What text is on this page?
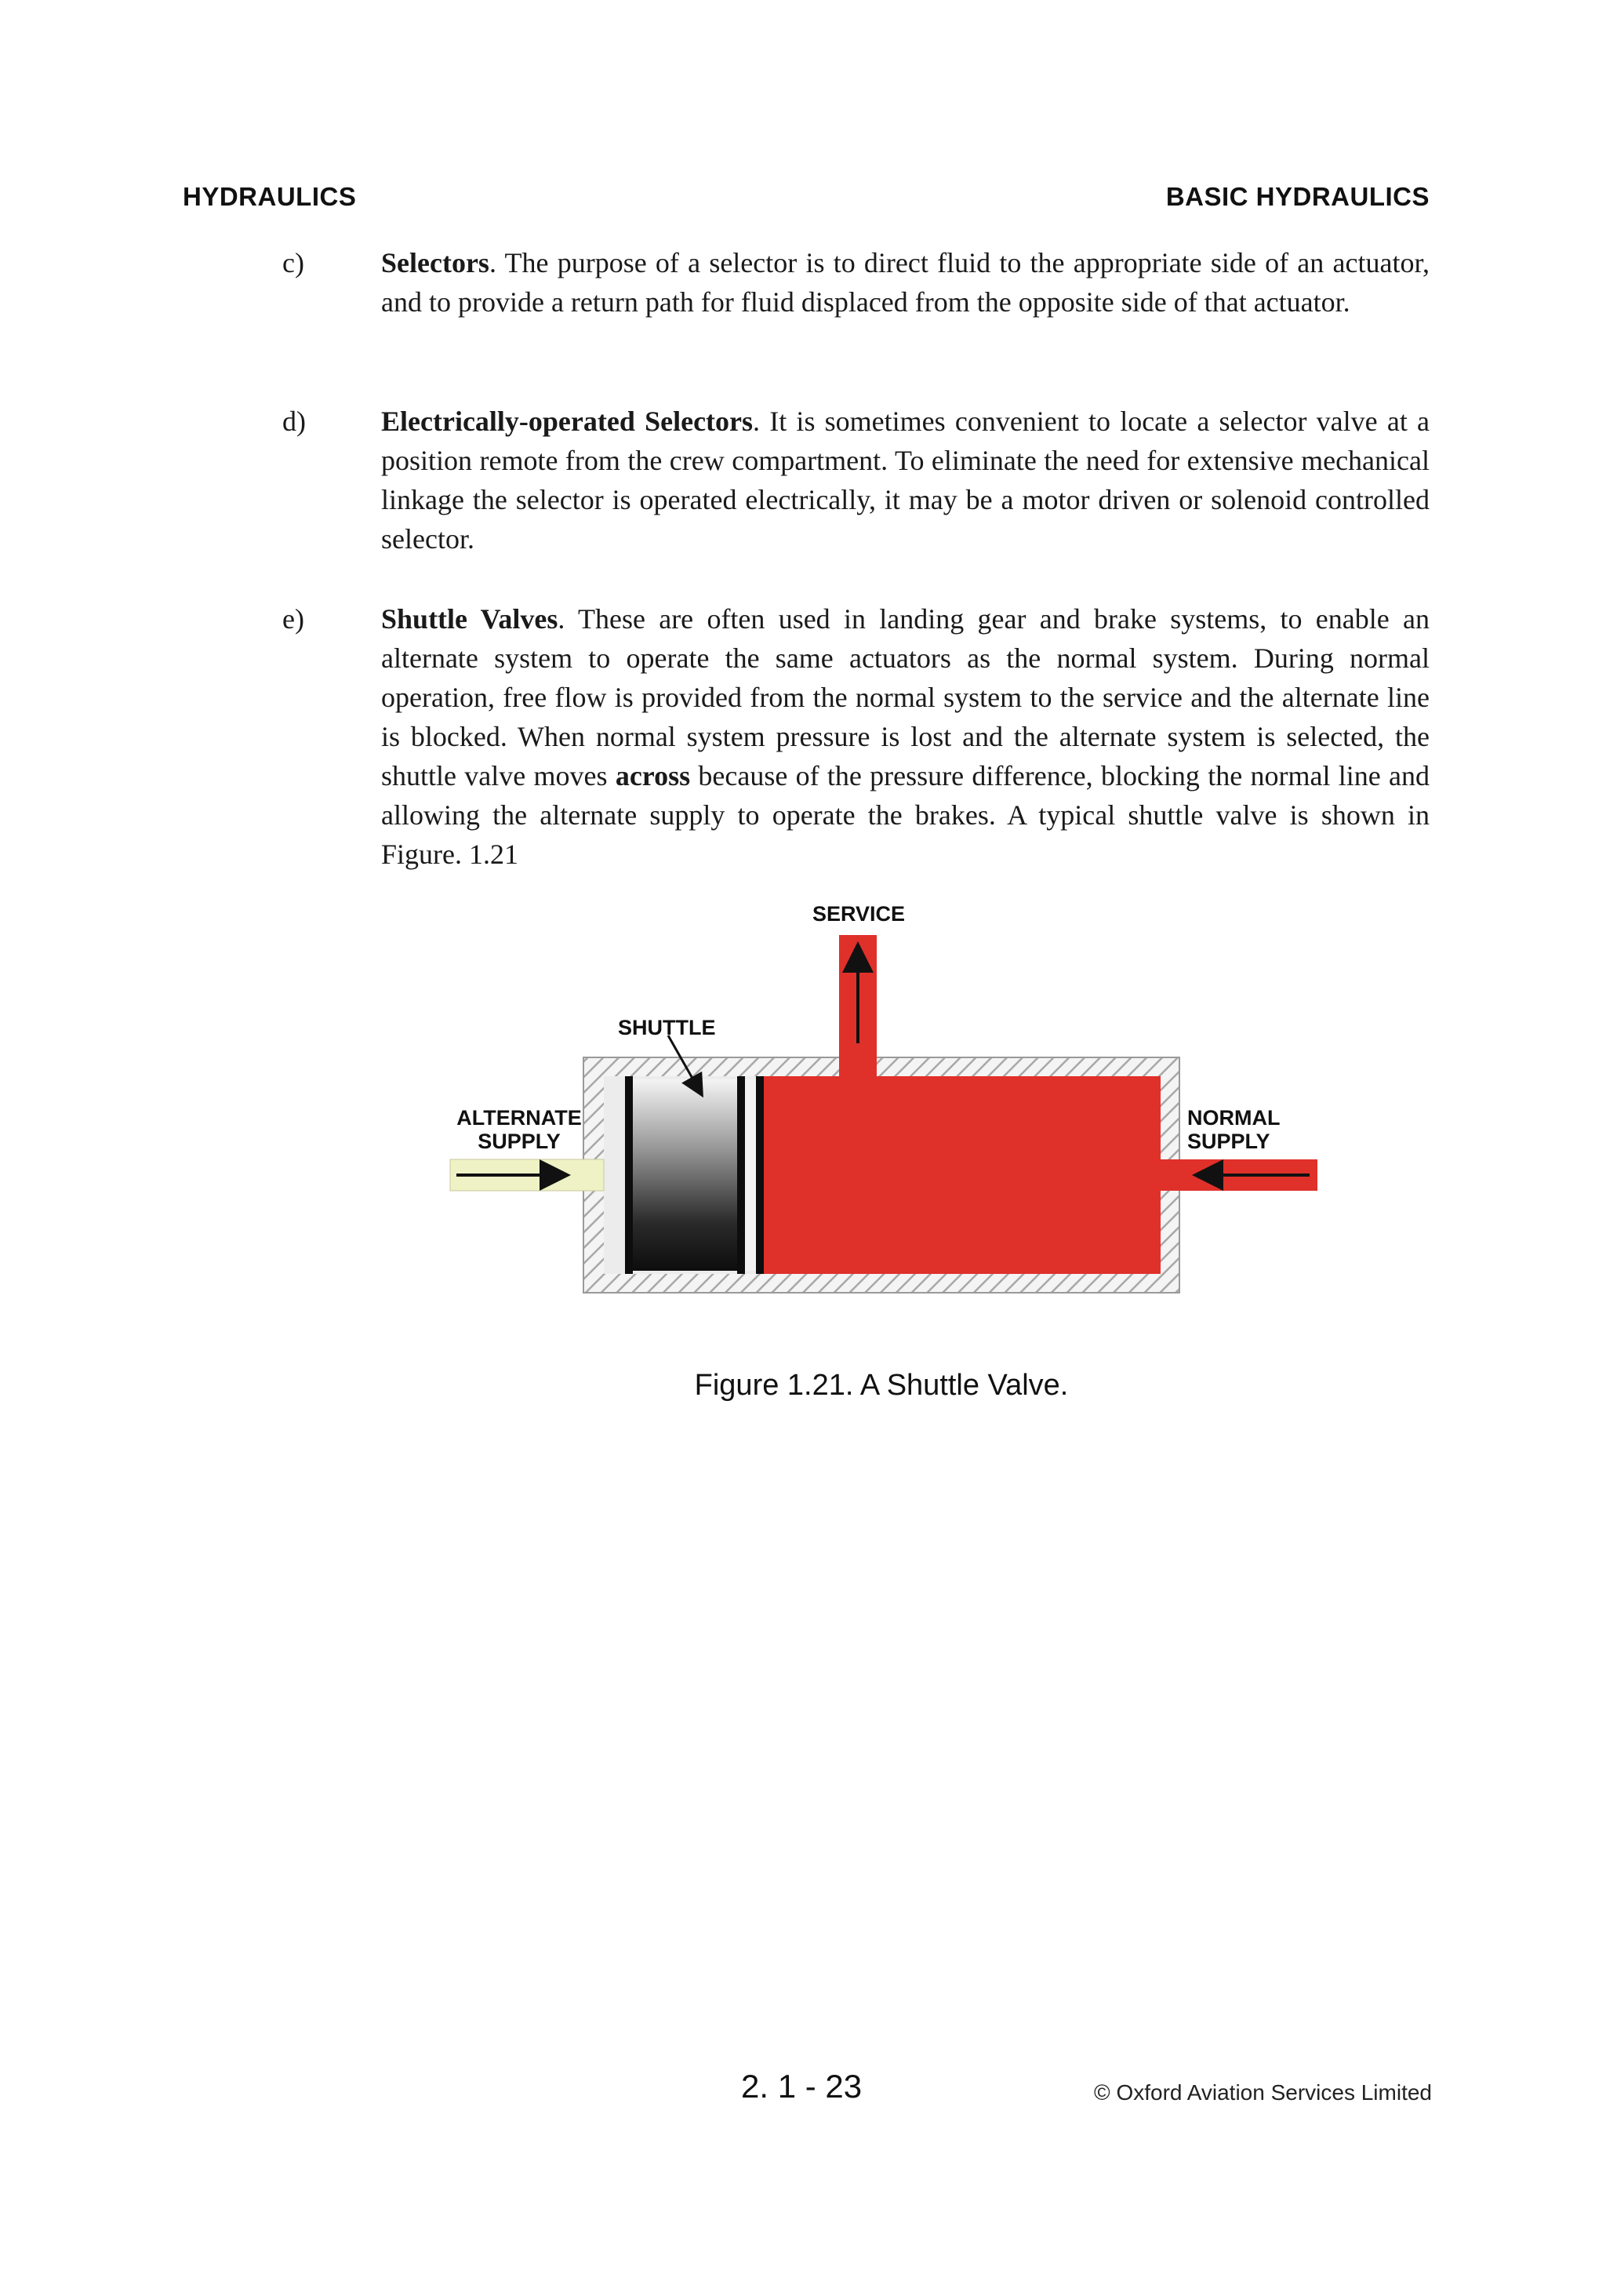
HYDRAULICS	BASIC HYDRAULICS
c)	Selectors. The purpose of a selector is to direct fluid to the appropriate side of an actuator, and to provide a return path for fluid displaced from the opposite side of that actuator.
d)	Electrically-operated Selectors. It is sometimes convenient to locate a selector valve at a position remote from the crew compartment. To eliminate the need for extensive mechanical linkage the selector is operated electrically, it may be a motor driven or solenoid controlled selector.
e)	Shuttle Valves. These are often used in landing gear and brake systems, to enable an alternate system to operate the same actuators as the normal system. During normal operation, free flow is provided from the normal system to the service and the alternate line is blocked. When normal system pressure is lost and the alternate system is selected, the shuttle valve moves across because of the pressure difference, blocking the normal line and allowing the alternate supply to operate the brakes. A typical shuttle valve is shown in Figure. 1.21
SERVICE
SHUTTLE
ALTERNATE
SUPPLY
NORMAL
SUPPLY
Figure 1.21. A Shuttle Valve.
2. 1 - 23	© Oxford Aviation Services Limited
